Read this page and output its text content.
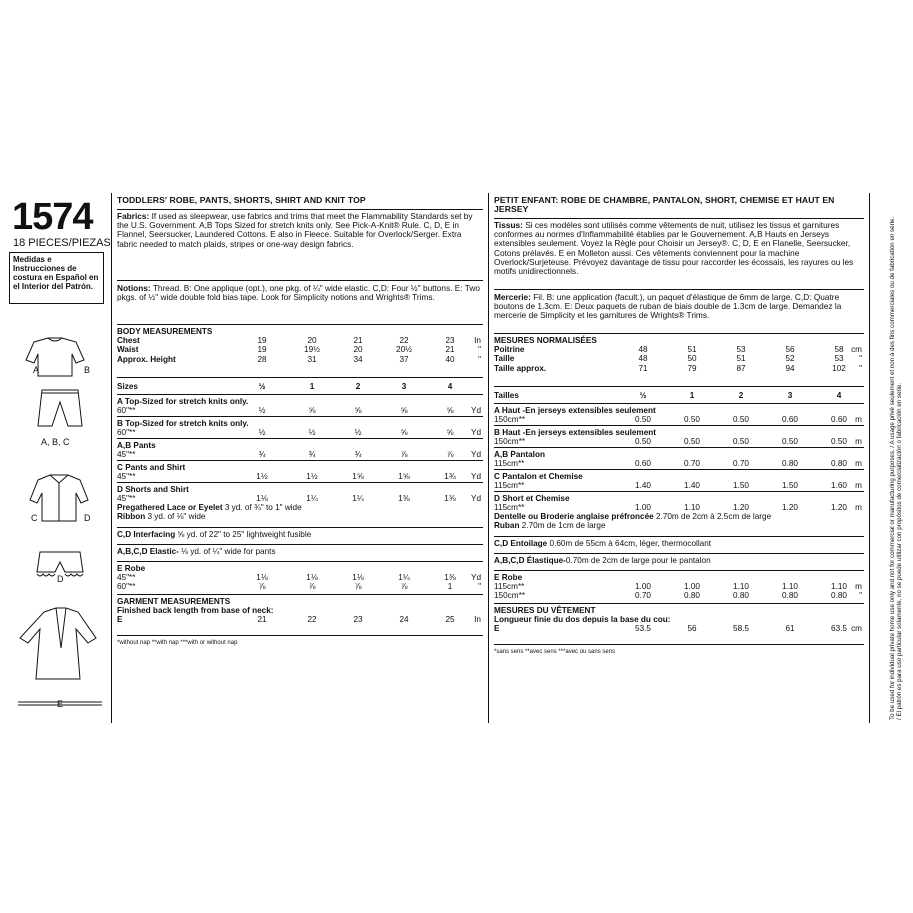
1574
18 PIECES/PIEZAS
Medidas e Instrucciones de costura en Español en el Interior del Patrón.
A	B
A, B, C
C	D
D
E
TODDLERS' ROBE, PANTS, SHORTS, SHIRT AND KNIT TOP
Fabrics: If used as sleepwear, use fabrics and trims that meet the Flammability Standards set by the U.S. Government. A,B Tops Sized for stretch knits only. See Pick-A-Knit® Rule. C, D, E in Flannel, Seersucker, Laundered Cottons. E also in Fleece. Suitable for Overlock/Serger. Extra fabric needed to match plaids, stripes or one-way design fabrics.
Notions: Thread. B: One applique (opt.), one pkg. of ¼" wide elastic. C,D: Four ½" buttons. E: Two pkgs. of ½" wide double fold bias tape. Look for Simplicity notions and Wrights® Trims.
BODY MEASUREMENTS
Chest	19	20	21	22	23	In
Waist	19	19½	20	20½	21	"
Approx. Height	28	31	34	37	40	"
Sizes	½	1	2	3	4
A Top-Sized for stretch knits only.
60"**	½	⅝	⅝	⅝	⅝	Yd
B Top-Sized for stretch knits only.
60"**	½	½	½	⅝	⅝	Yd
A,B Pants
45"**	¾	¾	¾	⅞	⅞	Yd
C Pants and Shirt
45"**	1½	1½	1⅝	1⅝	1¾	Yd
D Shorts and Shirt
45"**	1⅛	1¼	1¼	1⅜	1⅜	Yd
Pregathered Lace or Eyelet 3 yd. of ¾" to 1" wide
Ribbon 3 yd. of ⅛" wide
C,D Interfacing ⅝ yd. of 22" to 25" lightweight fusible
A,B,C,D Elastic- ⅛ yd. of ¼" wide for pants
E Robe
45"**	1⅛	1⅛	1⅛	1¼	1⅜	Yd
60"**	⅞	⅞	⅞	⅞	1	"
GARMENT MEASUREMENTS
Finished back length from base of neck:
E	21	22	23	24	25	In
*without nap **with nap ***with or without nap
PETIT ENFANT: ROBE DE CHAMBRE, PANTALON, SHORT, CHEMISE ET HAUT EN JERSEY
Tissus: Si ces modèles sont utilisés comme vêtements de nuit, utilisez les tissus et garnitures conformes au normes d'Inflammabilité établies par le Gouvernement. A,B Hauts en Jerseys extensibles seulement. Voyez la Règle pour Choisir un Jersey®. C, D, E en Flanelle, Seersucker, Cotons prélavés. E en Molleton aussi. Ces vêtements conviennent pour la machine Overlock/Surjeteuse. Prévoyez davantage de tissu pour raccorder les écossais, les rayures ou les motifs unidirectionnels.
Mercerie: Fil. B: une application (facult.), un paquet d'élastique de 6mm de large. C,D: Quatre boutons de 1.3cm. E: Deux paquets de ruban de biais double de 1.3cm de large. Demandez la mercerie de Simplicity et les garnitures de Wrights® Trims.
MESURES NORMALISÉES
Poitrine	48	51	53	56	58 cm
Taille	48	50	51	52	53	"
Taille approx.	71	79	87	94	102	"
Tailles	½	1	2	3	4
A Haut -En jerseys extensibles seulement
150cm**	0.50	0.50	0.50	0.60	0.60	m
B Haut -En jerseys extensibles seulement
150cm**	0.50	0.50	0.50	0.50	0.50	m
A,B Pantalon
115cm**	0.60	0.70	0.70	0.80	0.80	m
C Pantalon et Chemise
115cm**	1.40	1.40	1.50	1.50	1.60	m
D Short et Chemise
115cm**	1.00	1.10	1.20	1.20	1.20	m
Dentelle ou Broderie anglaise préfroncée 2.70m de 2cm à 2.5cm de large
Ruban 2.70m de 1cm de large
C,D Entoilage 0.60m de 55cm à 64cm, léger, thermocollant
A,B,C,D Élastique-0.70m de 2cm de large pour le pantalon
E Robe
115cm**	1.00	1.00	1.10	1.10	1.10	m
150cm**	0.70	0.80	0.80	0.80	0.80	"
MESURES DU VÊTEMENT
Longueur finie du dos depuis la base du cou:
E	53.5	56	58.5	61	63.5 cm
*sans sens **avec sens ***avec ou sans sens	To be used for individual private home use only and not for commercial or manufacturing purposes. / A usage privé seulement et non à des fins commerciales ou de fabrication en série. / El patrón es para uso particular solamente, no se puede utilizar con propósitos de comercialización o fabricación en serie.
